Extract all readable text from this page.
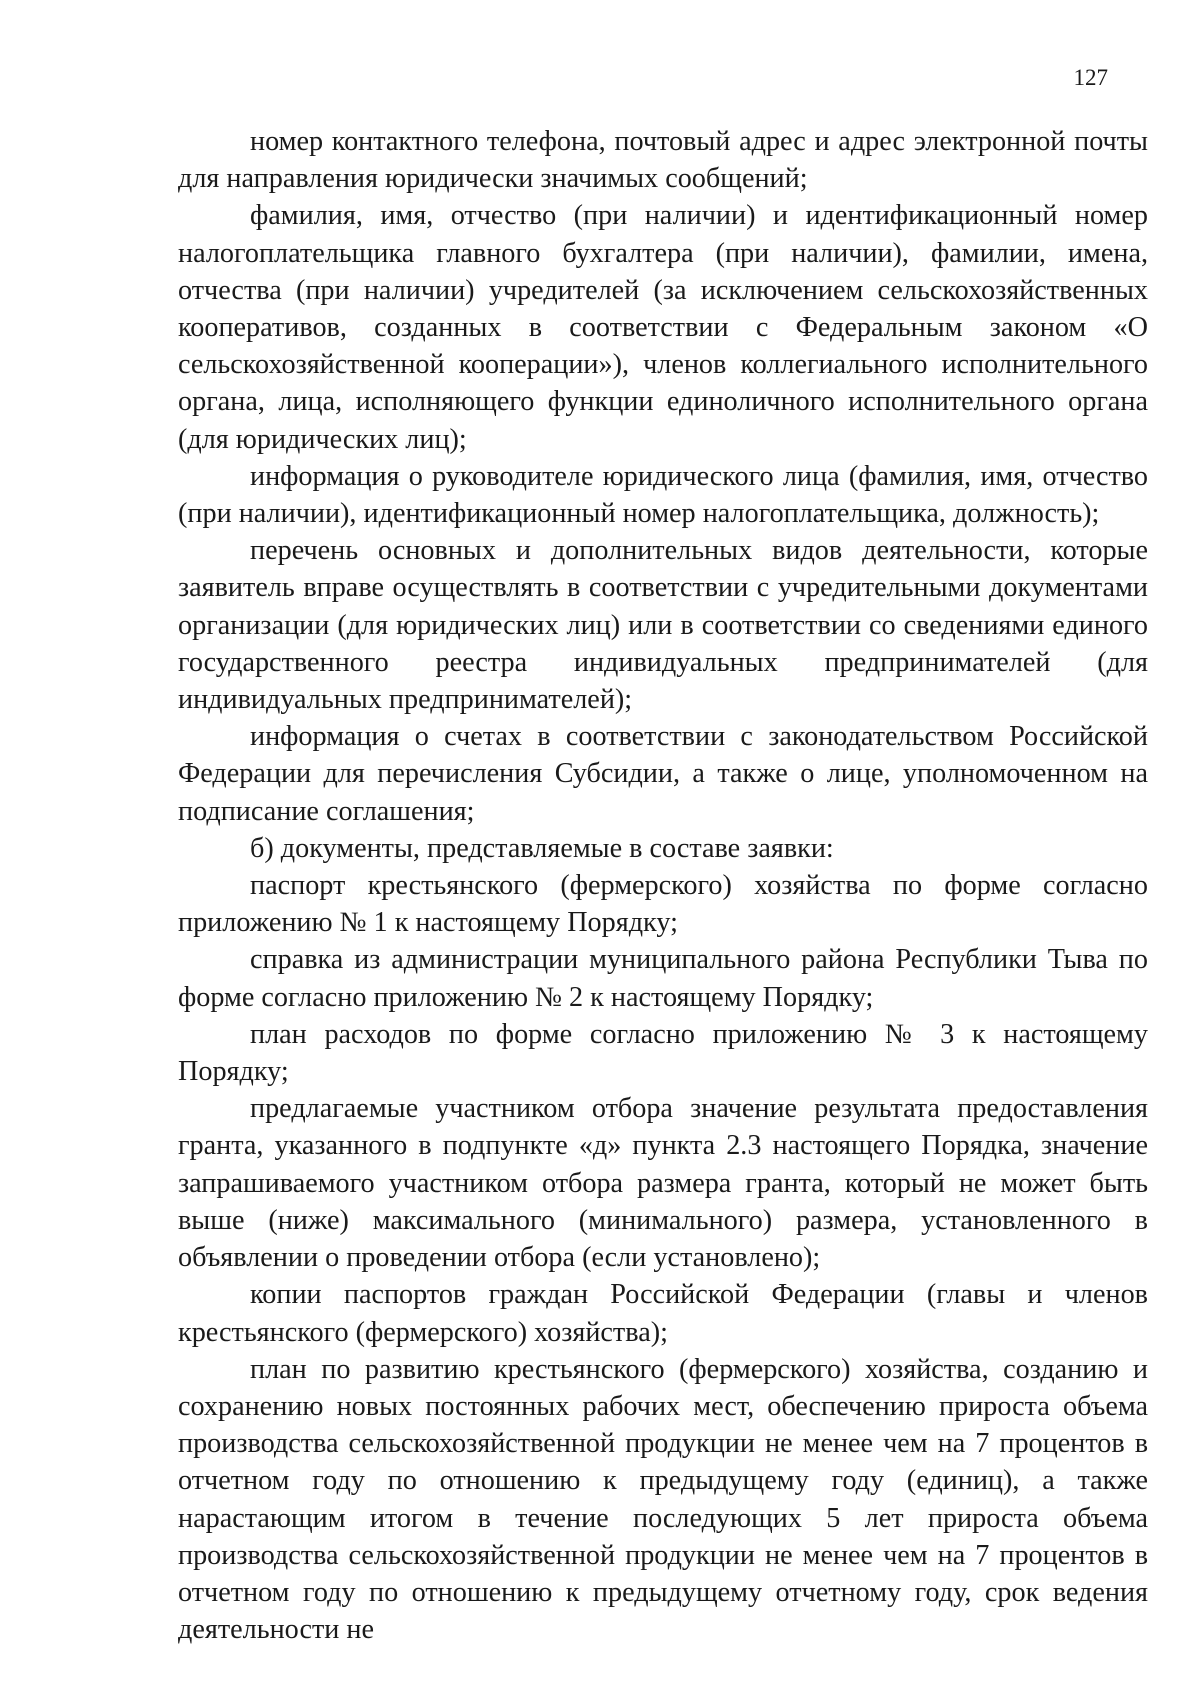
127

номер контактного телефона, почтовый адрес и адрес электронной почты для направления юридически значимых сообщений;

фамилия, имя, отчество (при наличии) и идентификационный номер налогоплательщика главного бухгалтера (при наличии), фамилии, имена, отчества (при наличии) учредителей (за исключением сельскохозяйственных кооперативов, созданных в соответствии с Федеральным законом «О сельскохозяйственной кооперации»), членов коллегиального исполнительного органа, лица, исполняющего функции единоличного исполнительного органа (для юридических лиц);

информация о руководителе юридического лица (фамилия, имя, отчество (при наличии), идентификационный номер налогоплательщика, должность);

перечень основных и дополнительных видов деятельности, которые заявитель вправе осуществлять в соответствии с учредительными документами организации (для юридических лиц) или в соответствии со сведениями единого государственного реестра индивидуальных предпринимателей (для индивидуальных предпринимателей);

информация о счетах в соответствии с законодательством Российской Федерации для перечисления Субсидии, а также о лице, уполномоченном на подписание соглашения;

б) документы, представляемые в составе заявки:

паспорт крестьянского (фермерского) хозяйства по форме согласно приложению № 1 к настоящему Порядку;

справка из администрации муниципального района Республики Тыва по форме согласно приложению № 2 к настоящему Порядку;

план расходов по форме согласно приложению № 3 к настоящему Порядку;

предлагаемые участником отбора значение результата предоставления гранта, указанного в подпункте «д» пункта 2.3 настоящего Порядка, значение запрашиваемого участником отбора размера гранта, который не может быть выше (ниже) максимального (минимального) размера, установленного в объявлении о проведении отбора (если установлено);

копии паспортов граждан Российской Федерации (главы и членов крестьянского (фермерского) хозяйства);

план по развитию крестьянского (фермерского) хозяйства, созданию и сохранению новых постоянных рабочих мест, обеспечению прироста объема производства сельскохозяйственной продукции не менее чем на 7 процентов в отчетном году по отношению к предыдущему году (единиц), а также нарастающим итогом в течение последующих 5 лет прироста объема производства сельскохозяйственной продукции не менее чем на 7 процентов в отчетном году по отношению к предыдущему отчетному году, срок ведения деятельности не
